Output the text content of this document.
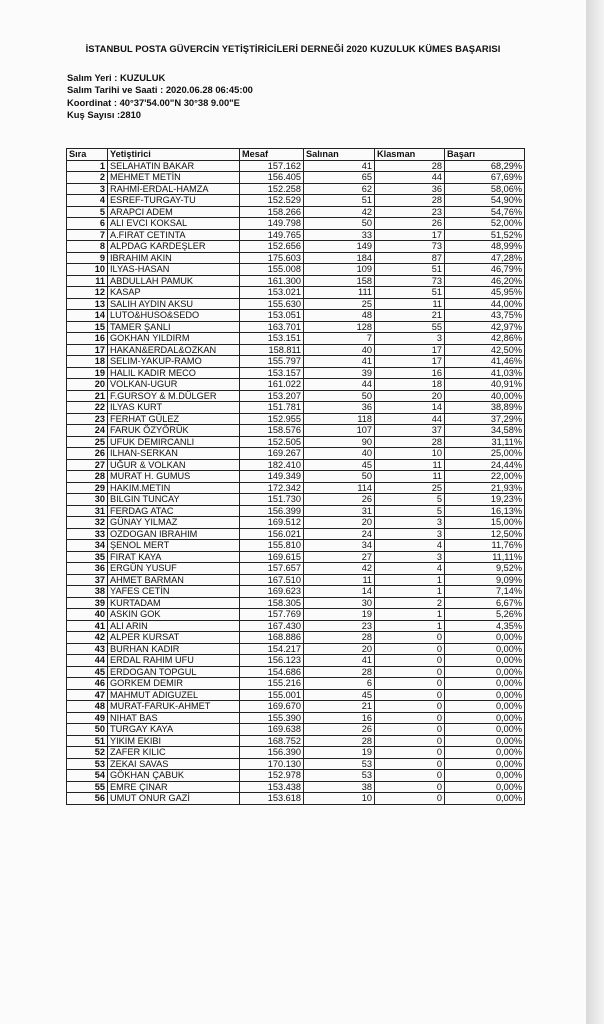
İSTANBUL POSTA GÜVERCİN YETİŞTİRİCİLERİ DERNEĞİ 2020 KUZULUK KÜMES BAŞARISI
Salım Yeri : KUZULUK
Salım Tarihi ve Saati : 2020.06.28 06:45:00
Koordinat : 40°37'54.00"N 30°38 9.00"E
Kuş Sayısı :2810
Sıra	Yetiştirici	Mesaf	Salınan	Klasman	Başarı
1	SELAHATIN BAKAR	157.162	41	28	68,29%
2	MEHMET METİN	156.405	65	44	67,69%
3	RAHMİ-ERDAL-HAMZA	152.258	62	36	58,06%
4	ESREF-TURGAY-TU	152.529	51	28	54,90%
5	ARAPCI ADEM	158.266	42	23	54,76%
6	ALI EVCI KOKSAL	149.798	50	26	52,00%
7	A.FIRAT CETINTA	149.765	33	17	51,52%
8	ALPDAG KARDEŞLER	152.656	149	73	48,99%
9	IBRAHIM AKIN	175.603	184	87	47,28%
10	ILYAS-HASAN	155.008	109	51	46,79%
11	ABDULLAH PAMUK	161.300	158	73	46,20%
12	KASAP	153.021	111	51	45,95%
13	SALIH AYDIN AKSU	155.630	25	11	44,00%
14	LUTO&HUSO&SEDO	153.051	48	21	43,75%
15	TAMER ŞANLI	163.701	128	55	42,97%
16	GOKHAN YILDIRM	153.151	7	3	42,86%
17	HAKAN&ERDAL&OZKAN	158.811	40	17	42,50%
18	SELIM-YAKUP-RAMO	155.797	41	17	41,46%
19	HALIL KADIR MECO	153.157	39	16	41,03%
20	VOLKAN-UGUR	161.022	44	18	40,91%
21	F.GURSOY & M.DÜLGER	153.207	50	20	40,00%
22	ILYAS KURT	151.781	36	14	38,89%
23	FERHAT GÜLEZ	152.955	118	44	37,29%
24	FARUK ÖZYÖRÜK	158.576	107	37	34,58%
25	UFUK DEMIRCANLI	152.505	90	28	31,11%
26	ILHAN-SERKAN	169.267	40	10	25,00%
27	UĞUR & VOLKAN	182.410	45	11	24,44%
28	MURAT H. GUMUS	149.349	50	11	22,00%
29	HAKIM.METIN	172.342	114	25	21,93%
30	BILGIN TUNCAY	151.730	26	5	19,23%
31	FERDAG ATAC	156.399	31	5	16,13%
32	GÜNAY YILMAZ	169.512	20	3	15,00%
33	OZDOGAN IBRAHIM	156.021	24	3	12,50%
34	ŞENOL MERT	155.810	34	4	11,76%
35	FIRAT KAYA	169.615	27	3	11,11%
36	ERGÜN YUSUF	157.657	42	4	9,52%
37	AHMET BARMAN	167.510	11	1	9,09%
38	YAFES CETİN	169.623	14	1	7,14%
39	KURTADAM	158.305	30	2	6,67%
40	ASKIN GOK	157.769	19	1	5,26%
41	ALI ARIN	167.430	23	1	4,35%
42	ALPER KURSAT	168.886	28	0	0,00%
43	BURHAN KADIR	154.217	20	0	0,00%
44	ERDAL RAHIM UFU	156.123	41	0	0,00%
45	ERDOGAN TOPGUL	154.686	28	0	0,00%
46	GORKEM DEMIR	155.216	6	0	0,00%
47	MAHMUT ADIGUZEL	155.001	45	0	0,00%
48	MURAT-FARUK-AHMET	169.670	21	0	0,00%
49	NIHAT BAS	155.390	16	0	0,00%
50	TURGAY KAYA	169.638	26	0	0,00%
51	YIKIM EKIBI	168.752	28	0	0,00%
52	ZAFER KILIC	156.390	19	0	0,00%
53	ZEKAI SAVAS	170.130	53	0	0,00%
54	GÖKHAN ÇABUK	152.978	53	0	0,00%
55	EMRE ÇINAR	153.438	38	0	0,00%
56	UMUT ONUR GAZİ	153.618	10	0	0,00%
